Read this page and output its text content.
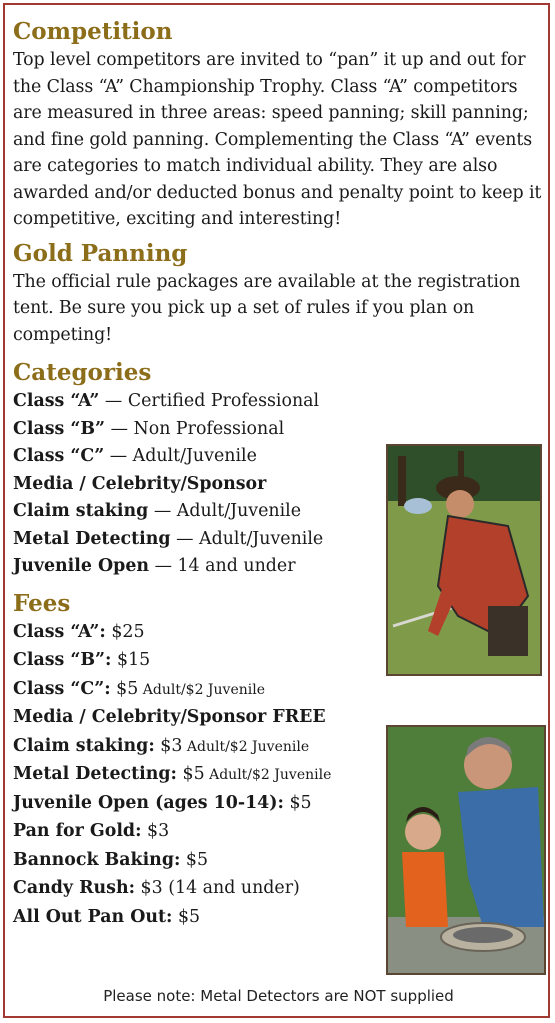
Competition

Top level competitors are invited to “pan” it up and out for the Class “A” Championship Trophy. Class “A” competitors are measured in three areas: speed panning; skill panning; and fine gold panning. Complementing the Class “A” events are categories to match individual ability. They are also awarded and/or deducted bonus and penalty point to keep it competitive, exciting and interesting!

Gold Panning

The official rule packages are available at the registration tent. Be sure you pick up a set of rules if you plan on competing!

Categories
Class “A” — Certified Professional
Class “B” — Non Professional
Class “C” — Adult/Juvenile
Media / Celebrity/Sponsor
Claim staking — Adult/Juvenile
Metal Detecting — Adult/Juvenile
Juvenile Open — 14 and under
Fees
Class “A”: $25
Class “B”: $15
Class “C”: $5 Adult/$2 Juvenile
Media / Celebrity/Sponsor FREE
Claim staking: $3 Adult/$2 Juvenile
Metal Detecting: $5 Adult/$2 Juvenile
Juvenile Open (ages 10-14): $5
Pan for Gold: $3
Bannock Baking: $5
Candy Rush: $3 (14 and under)
All Out Pan Out: $5
Please note: Metal Detectors are NOT supplied
